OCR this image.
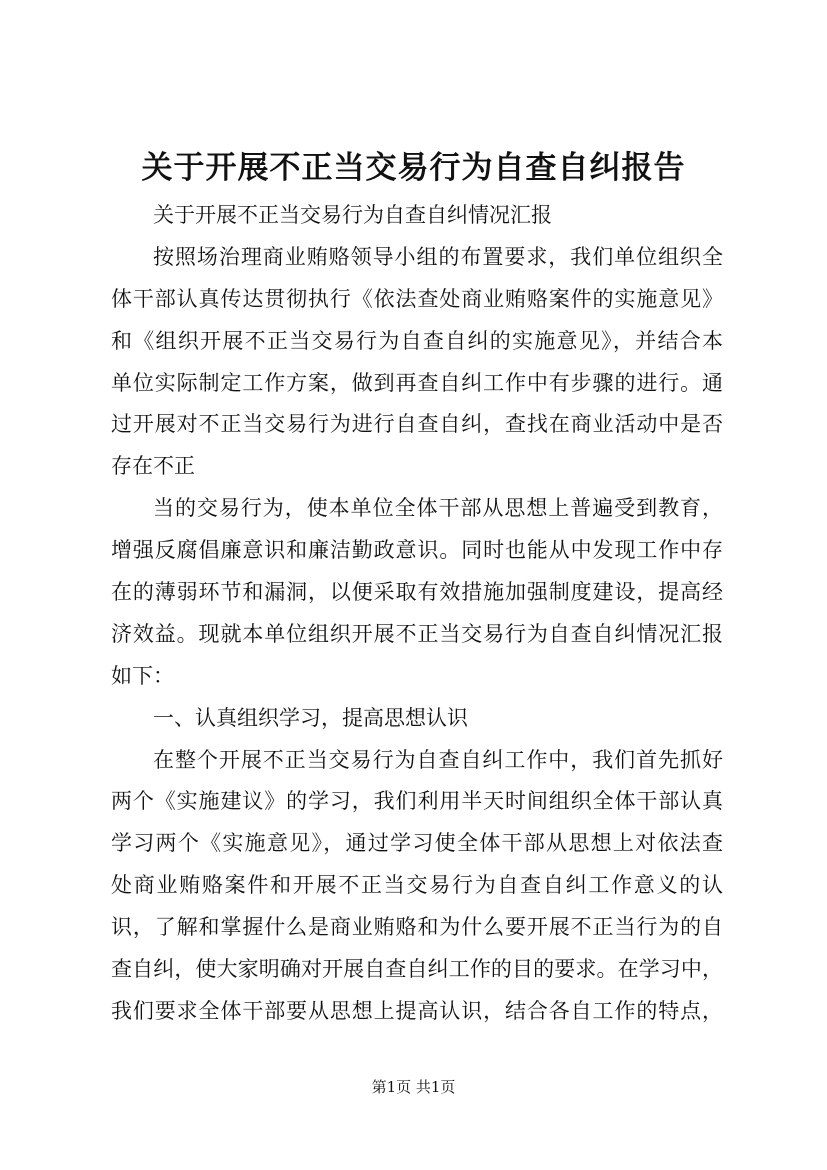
关于开展不正当交易行为自查自纠报告
关于开展不正当交易行为自查自纠情况汇报
按照场治理商业贿赂领导小组的布置要求，我们单位组织全
体干部认真传达贯彻执行《依法查处商业贿赂案件的实施意见》
和《组织开展不正当交易行为自查自纠的实施意见》，并结合本
单位实际制定工作方案，做到再查自纠工作中有步骤的进行。通
过开展对不正当交易行为进行自查自纠，查找在商业活动中是否
存在不正
当的交易行为，使本单位全体干部从思想上普遍受到教育，
增强反腐倡廉意识和廉洁勤政意识。同时也能从中发现工作中存
在的薄弱环节和漏洞，以便采取有效措施加强制度建设，提高经
济效益。现就本单位组织开展不正当交易行为自查自纠情况汇报
如下：
一、认真组织学习，提高思想认识
在整个开展不正当交易行为自查自纠工作中，我们首先抓好
两个《实施建议》的学习，我们利用半天时间组织全体干部认真
学习两个《实施意见》，通过学习使全体干部从思想上对依法查
处商业贿赂案件和开展不正当交易行为自查自纠工作意义的认
识，了解和掌握什么是商业贿赂和为什么要开展不正当行为的自
查自纠，使大家明确对开展自查自纠工作的目的要求。在学习中，
我们要求全体干部要从思想上提高认识，结合各自工作的特点，
第1页 共1页
